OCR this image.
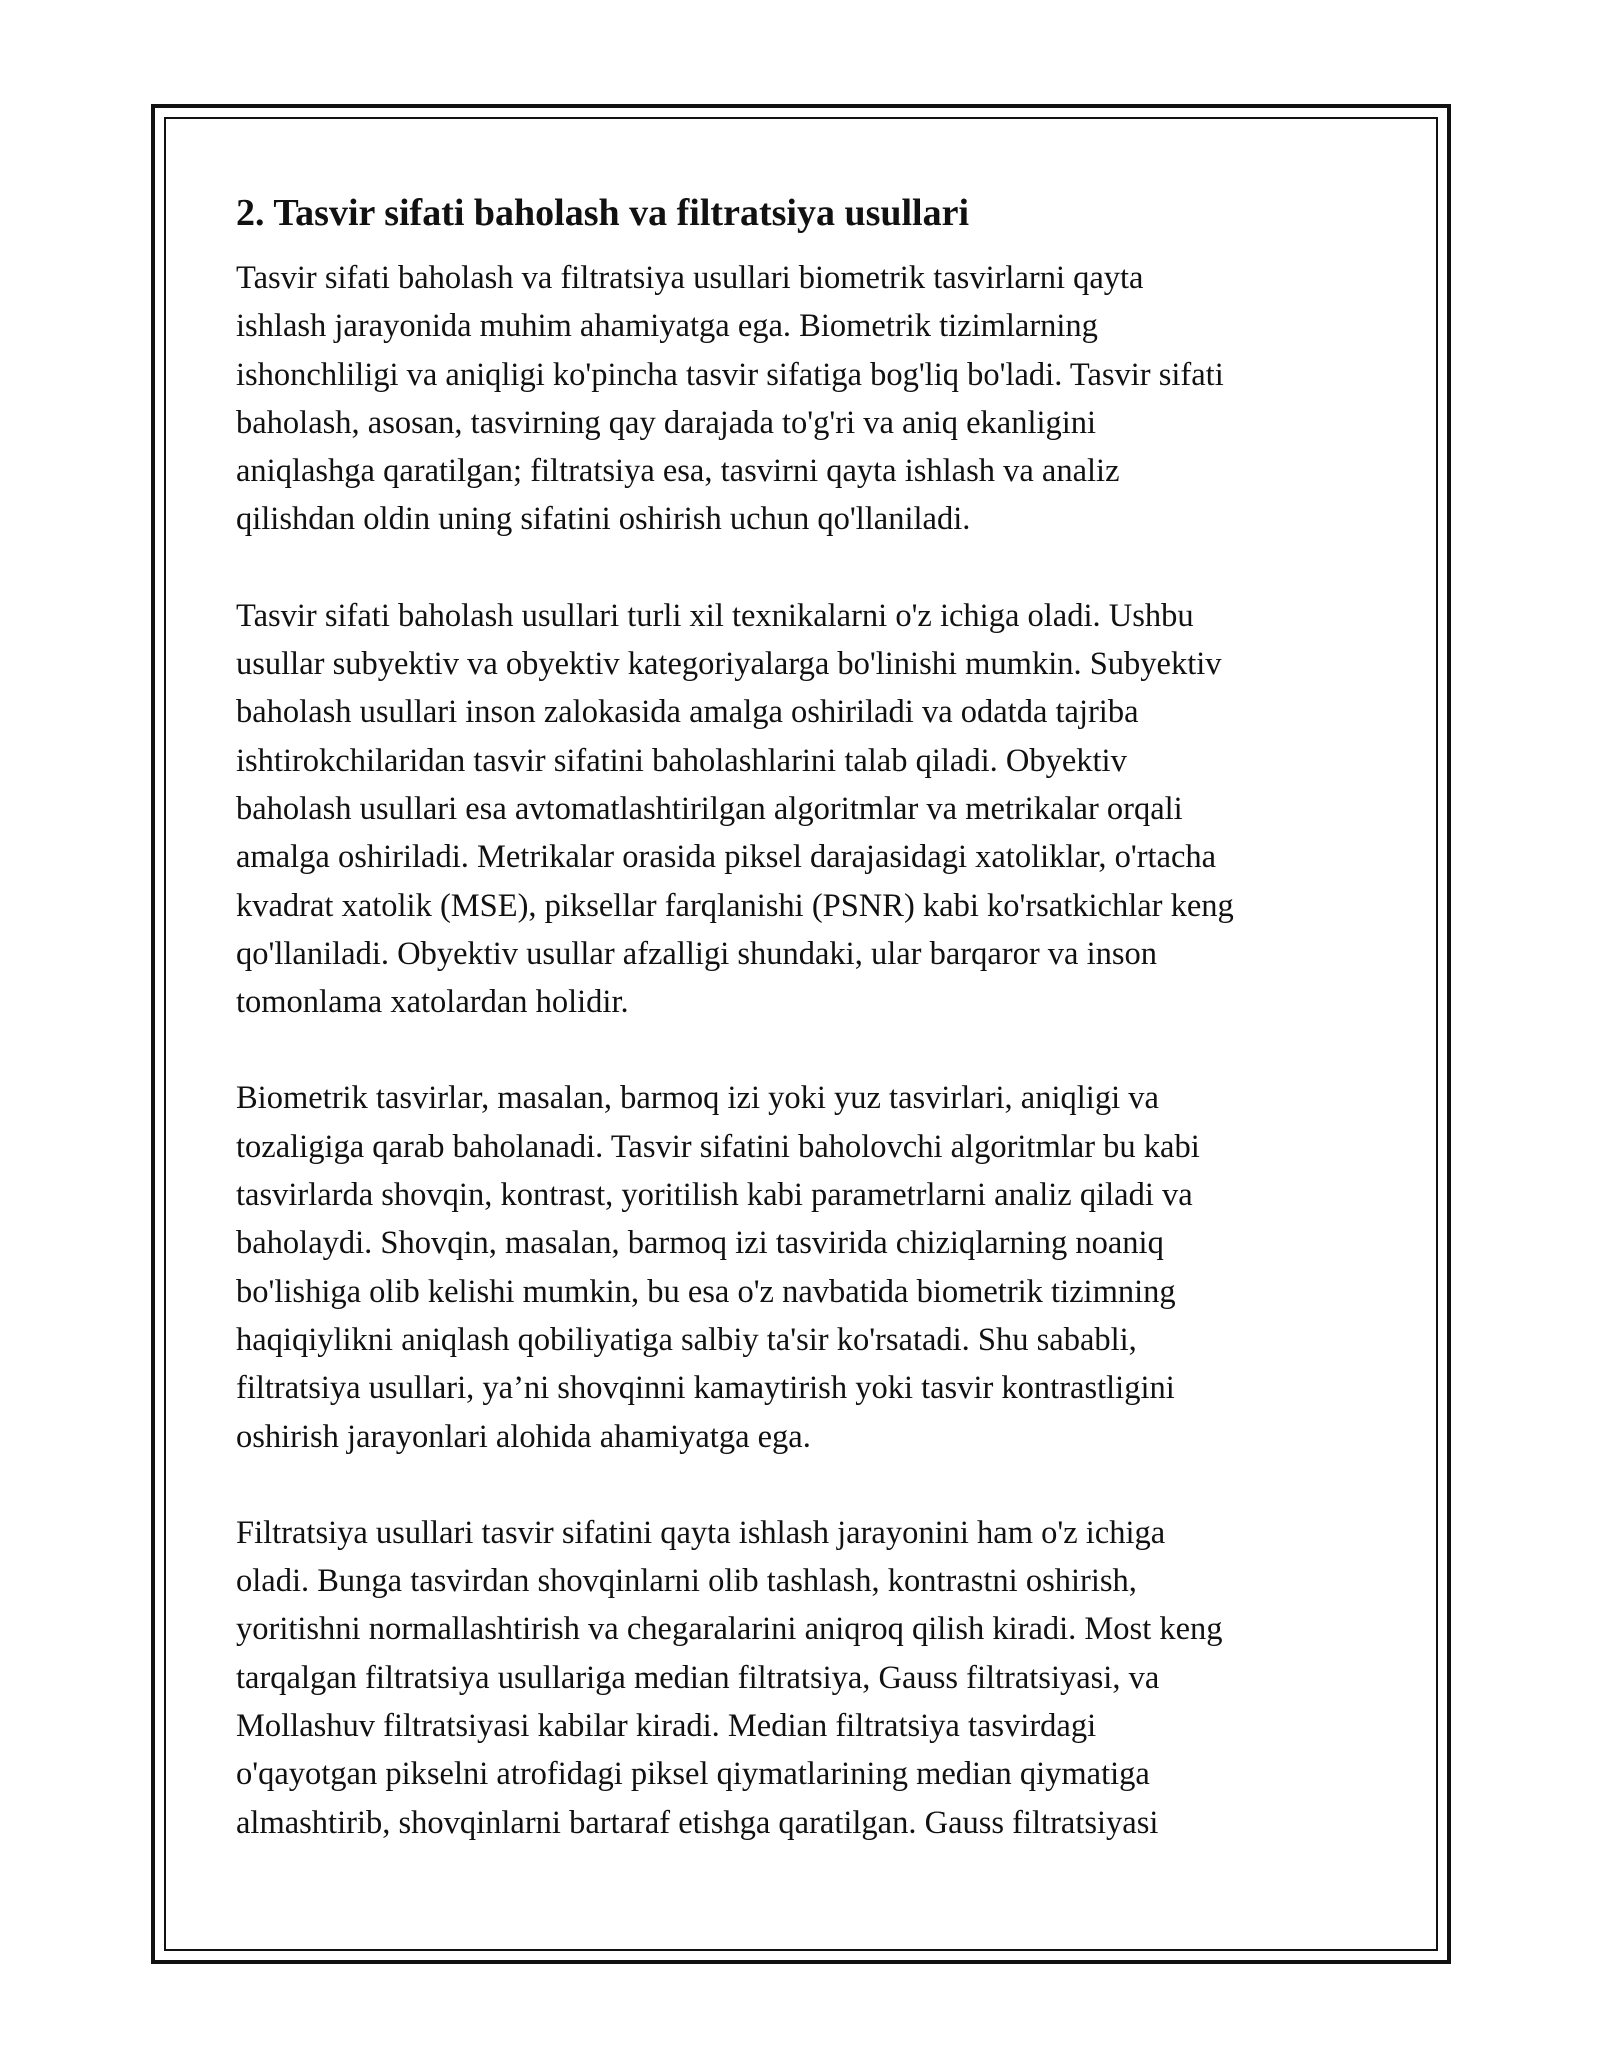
2. Tasvir sifati baholash va filtratsiya usullari

Tasvir sifati baholash va filtratsiya usullari biometrik tasvirlarni qayta
ishlash jarayonida muhim ahamiyatga ega. Biometrik tizimlarning
ishonchliligi va aniqligi ko'pincha tasvir sifatiga bog'liq bo'ladi. Tasvir sifati
baholash, asosan, tasvirning qay darajada to'g'ri va aniq ekanligini
aniqlashga qaratilgan; filtratsiya esa, tasvirni qayta ishlash va analiz
qilishdan oldin uning sifatini oshirish uchun qo'llaniladi.

Tasvir sifati baholash usullari turli xil texnikalarni o'z ichiga oladi. Ushbu
usullar subyektiv va obyektiv kategoriyalarga bo'linishi mumkin. Subyektiv
baholash usullari inson zalokasida amalga oshiriladi va odatda tajriba
ishtirokchilaridan tasvir sifatini baholashlarini talab qiladi. Obyektiv
baholash usullari esa avtomatlashtirilgan algoritmlar va metrikalar orqali
amalga oshiriladi. Metrikalar orasida piksel darajasidagi xatoliklar, o'rtacha
kvadrat xatolik (MSE), piksellar farqlanishi (PSNR) kabi ko'rsatkichlar keng
qo'llaniladi. Obyektiv usullar afzalligi shundaki, ular barqaror va inson
tomonlama xatolardan holidir.

Biometrik tasvirlar, masalan, barmoq izi yoki yuz tasvirlari, aniqligi va
tozaligiga qarab baholanadi. Tasvir sifatini baholovchi algoritmlar bu kabi
tasvirlarda shovqin, kontrast, yoritilish kabi parametrlarni analiz qiladi va
baholaydi. Shovqin, masalan, barmoq izi tasvirida chiziqlarning noaniq
bo'lishiga olib kelishi mumkin, bu esa o'z navbatida biometrik tizimning
haqiqiylikni aniqlash qobiliyatiga salbiy ta'sir ko'rsatadi. Shu sababli,
filtratsiya usullari, ya’ni shovqinni kamaytirish yoki tasvir kontrastligini
oshirish jarayonlari alohida ahamiyatga ega.

Filtratsiya usullari tasvir sifatini qayta ishlash jarayonini ham o'z ichiga
oladi. Bunga tasvirdan shovqinlarni olib tashlash, kontrastni oshirish,
yoritishni normallashtirish va chegaralarini aniqroq qilish kiradi. Most keng
tarqalgan filtratsiya usullariga median filtratsiya, Gauss filtratsiyasi, va
Mollashuv filtratsiyasi kabilar kiradi. Median filtratsiya tasvirdagi
o'qayotgan pikselni atrofidagi piksel qiymatlarining median qiymatiga
almashtirib, shovqinlarni bartaraf etishga qaratilgan. Gauss filtratsiyasi
